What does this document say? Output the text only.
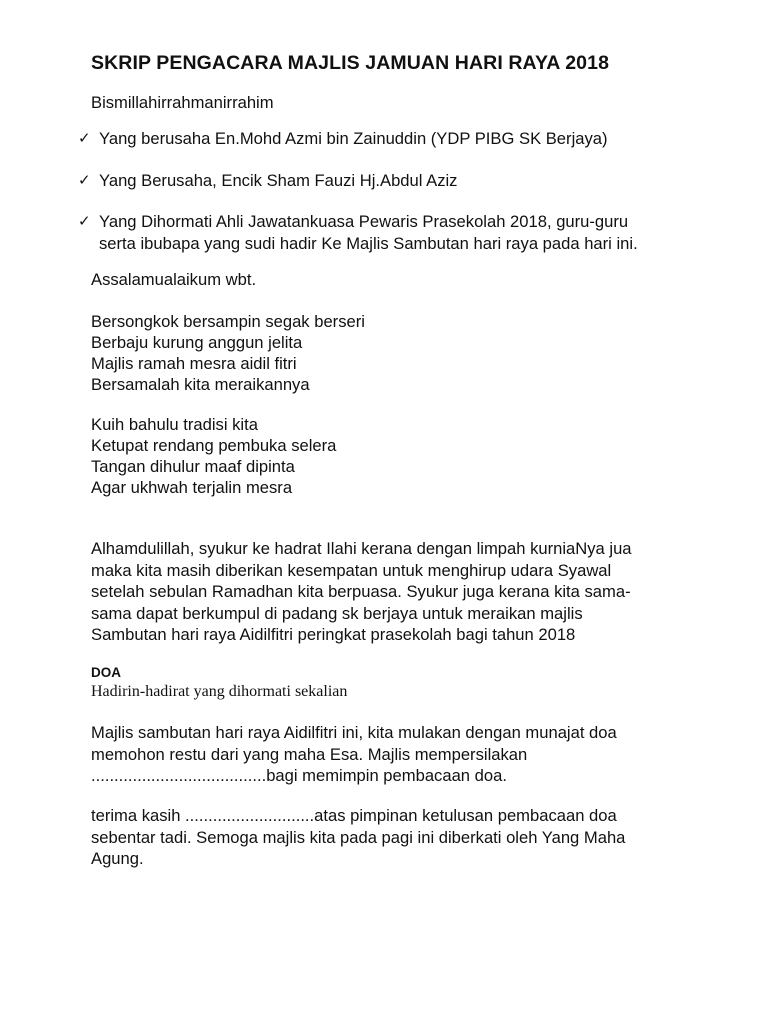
SKRIP PENGACARA MAJLIS JAMUAN HARI RAYA 2018

Bismillahirrahmanirrahim

✓ Yang berusaha En.Mohd Azmi bin Zainuddin (YDP PIBG SK Berjaya)
✓ Yang Berusaha, Encik Sham Fauzi Hj.Abdul Aziz
✓ Yang Dihormati Ahli Jawatankuasa Pewaris Prasekolah 2018, guru-guru
serta ibubapa yang sudi hadir Ke Majlis Sambutan hari raya pada hari ini.

Assalamualaikum wbt.

Bersongkok bersampin segak berseri
Berbaju kurung anggun jelita
Majlis ramah mesra aidil fitri
Bersamalah kita meraikannya
Kuih bahulu tradisi kita
Ketupat rendang pembuka selera
Tangan dihulur maaf dipinta
Agar ukhwah terjalin mesra
Alhamdulillah, syukur ke hadrat Ilahi kerana dengan limpah kurniaNya jua
maka kita masih diberikan kesempatan untuk menghirup udara Syawal
setelah sebulan Ramadhan kita berpuasa. Syukur juga kerana kita sama-
sama dapat berkumpul di padang sk berjaya untuk meraikan majlis
Sambutan hari raya Aidilfitri peringkat prasekolah bagi tahun 2018
DOA
Hadirin-hadirat yang dihormati sekalian
Majlis sambutan hari raya Aidilfitri ini, kita mulakan dengan munajat doa
memohon restu dari yang maha Esa. Majlis mempersilakan
......................................bagi memimpin pembacaan doa.
terima kasih ............................atas pimpinan ketulusan pembacaan doa
sebentar tadi. Semoga majlis kita pada pagi ini diberkati oleh Yang Maha
Agung.
